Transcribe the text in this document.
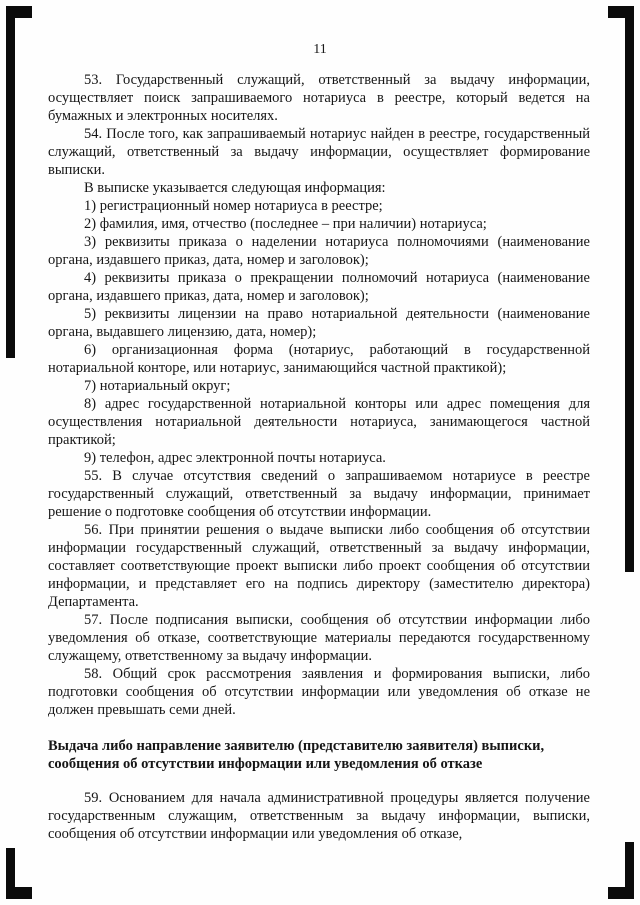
11

53. Государственный служащий, ответственный за выдачу информации, осуществляет поиск запрашиваемого нотариуса в реестре, который ведется на бумажных и электронных носителях.

54. После того, как запрашиваемый нотариус найден в реестре, государственный служащий, ответственный за выдачу информации, осуществляет формирование выписки.

В выписке указывается следующая информация:

1) регистрационный номер нотариуса в реестре;

2) фамилия, имя, отчество (последнее – при наличии) нотариуса;

3) реквизиты приказа о наделении нотариуса полномочиями (наименование органа, издавшего приказ, дата, номер и заголовок);

4) реквизиты приказа о прекращении полномочий нотариуса (наименование органа, издавшего приказ, дата, номер и заголовок);

5) реквизиты лицензии на право нотариальной деятельности (наименование органа, выдавшего лицензию, дата, номер);

6) организационная форма (нотариус, работающий в государственной нотариальной конторе, или нотариус, занимающийся частной практикой);

7) нотариальный округ;

8) адрес государственной нотариальной конторы или адрес помещения для осуществления нотариальной деятельности нотариуса, занимающегося частной практикой;

9) телефон, адрес электронной почты нотариуса.

55. В случае отсутствия сведений о запрашиваемом нотариусе в реестре государственный служащий, ответственный за выдачу информации, принимает решение о подготовке сообщения об отсутствии информации.

56. При принятии решения о выдаче выписки либо сообщения об отсутствии информации государственный служащий, ответственный за выдачу информации, составляет соответствующие проект выписки либо проект сообщения об отсутствии информации, и представляет его на подпись директору (заместителю директора) Департамента.

57. После подписания выписки, сообщения об отсутствии информации либо уведомления об отказе, соответствующие материалы передаются государственному служащему, ответственному за выдачу информации.

58. Общий срок рассмотрения заявления и формирования выписки, либо подготовки сообщения об отсутствии информации или уведомления об отказе не должен превышать семи дней.

Выдача либо направление заявителю (представителю заявителя) выписки, сообщения об отсутствии информации или уведомления об отказе

59. Основанием для начала административной процедуры является получение государственным служащим, ответственным за выдачу информации, выписки, сообщения об отсутствии информации или уведомления об отказе,
